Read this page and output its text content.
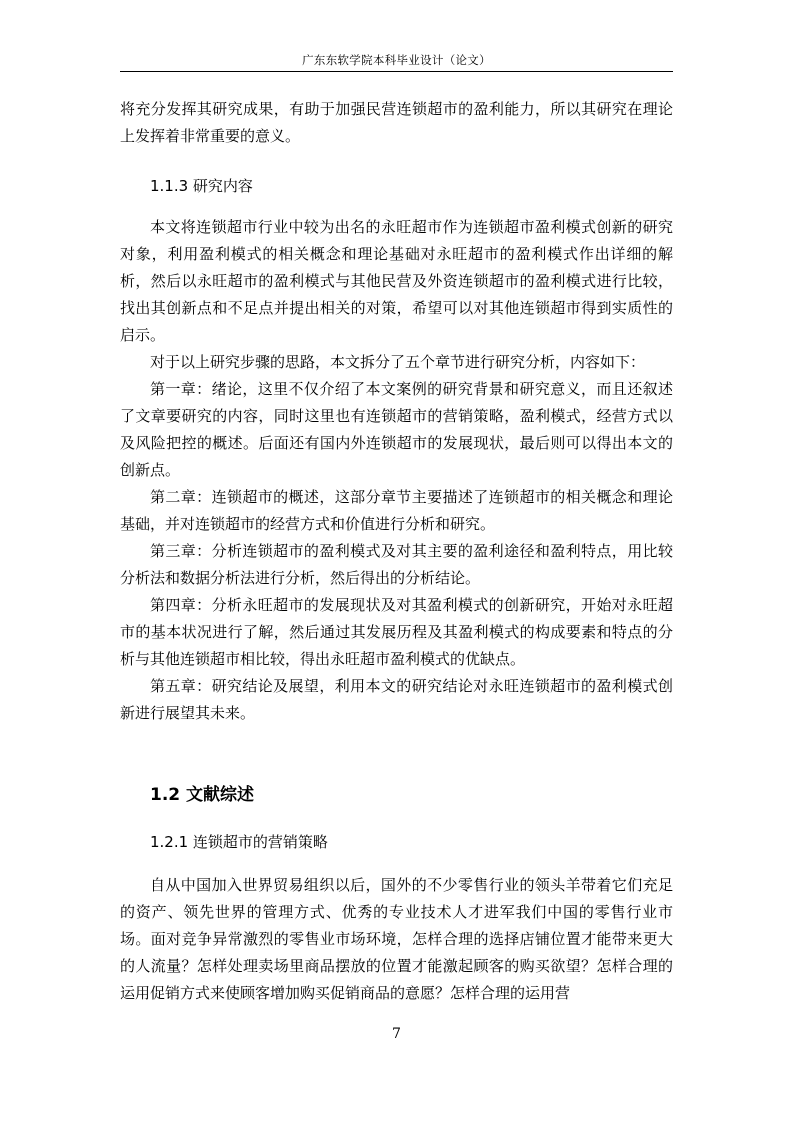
广东东软学院本科毕业设计（论文）

将充分发挥其研究成果，有助于加强民营连锁超市的盈利能力，所以其研究在理论上发挥着非常重要的意义。

1.1.3 研究内容

本文将连锁超市行业中较为出名的永旺超市作为连锁超市盈利模式创新的研究对象，利用盈利模式的相关概念和理论基础对永旺超市的盈利模式作出详细的解析，然后以永旺超市的盈利模式与其他民营及外资连锁超市的盈利模式进行比较，找出其创新点和不足点并提出相关的对策，希望可以对其他连锁超市得到实质性的启示。

对于以上研究步骤的思路，本文拆分了五个章节进行研究分析，内容如下：

第一章：绪论，这里不仅介绍了本文案例的研究背景和研究意义，而且还叙述了文章要研究的内容，同时这里也有连锁超市的营销策略，盈利模式，经营方式以及风险把控的概述。后面还有国内外连锁超市的发展现状，最后则可以得出本文的创新点。

第二章：连锁超市的概述，这部分章节主要描述了连锁超市的相关概念和理论基础，并对连锁超市的经营方式和价值进行分析和研究。

第三章：分析连锁超市的盈利模式及对其主要的盈利途径和盈利特点，用比较分析法和数据分析法进行分析，然后得出的分析结论。

第四章：分析永旺超市的发展现状及对其盈利模式的创新研究，开始对永旺超市的基本状况进行了解，然后通过其发展历程及其盈利模式的构成要素和特点的分析与其他连锁超市相比较，得出永旺超市盈利模式的优缺点。

第五章：研究结论及展望，利用本文的研究结论对永旺连锁超市的盈利模式创新进行展望其未来。

1.2 文献综述
1.2.1 连锁超市的营销策略

自从中国加入世界贸易组织以后，国外的不少零售行业的领头羊带着它们充足的资产、领先世界的管理方式、优秀的专业技术人才进军我们中国的零售行业市场。面对竞争异常激烈的零售业市场环境，怎样合理的选择店铺位置才能带来更大的人流量？怎样处理卖场里商品摆放的位置才能激起顾客的购买欲望？怎样合理的运用促销方式来使顾客增加购买促销商品的意愿？怎样合理的运用营

7
